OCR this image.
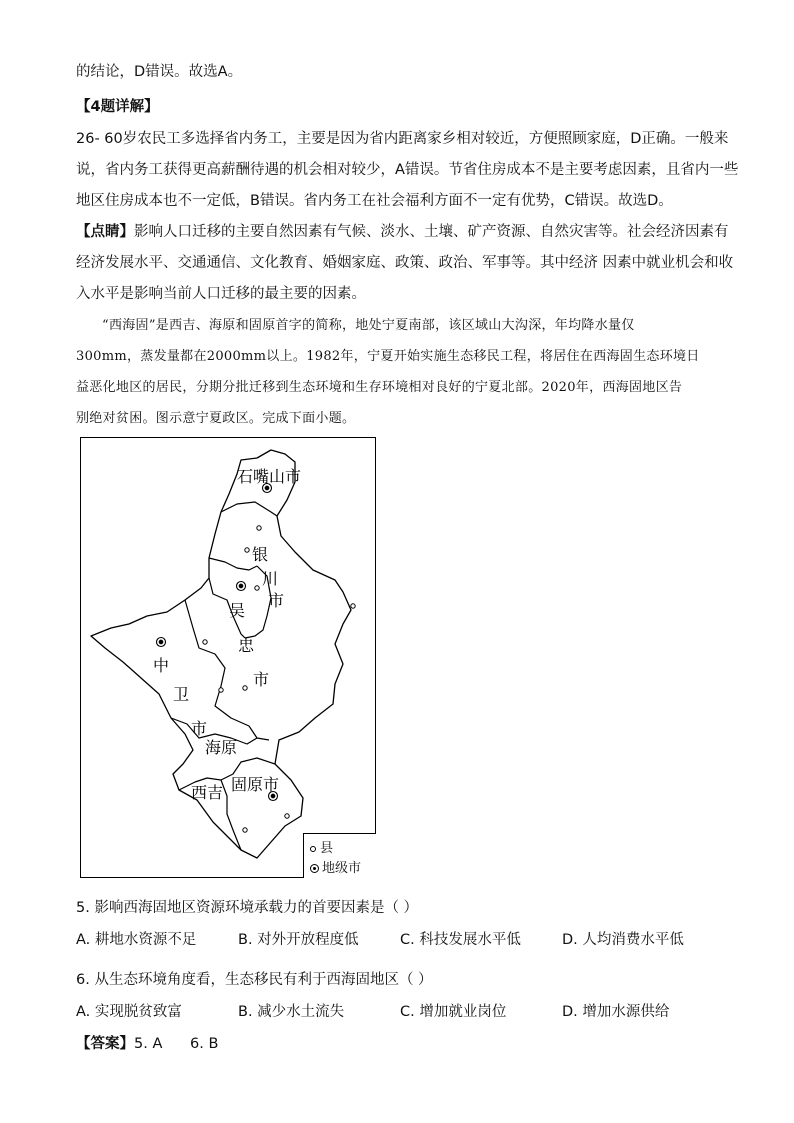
的结论，D错误。故选A。
【4题详解】
26- 60岁农民工多选择省内务工，主要是因为省内距离家乡相对较近，方便照顾家庭，D正确。一般来
说，省内务工获得更高薪酬待遇的机会相对较少，A错误。节省住房成本不是主要考虑因素，且省内一些
地区住房成本也不一定低，B错误。省内务工在社会福利方面不一定有优势，C错误。故选D。
【点睛】影响人口迁移的主要自然因素有气候、淡水、土壤、矿产资源、自然灾害等。社会经济因素有
经济发展水平、交通通信、文化教育、婚姻家庭、政策、政治、军事等。其中经济 因素中就业机会和收
入水平是影响当前人口迁移的最主要的因素。
“西海固”是西吉、海原和固原首字的简称，地处宁夏南部，该区域山大沟深，年均降水量仅
300mm，蒸发量都在2000mm以上。1982年，宁夏开始实施生态移民工程，将居住在西海固生态环境日
益恶化地区的居民，分期分批迁移到生态环境和生存环境相对良好的宁夏北部。2020年，西海固地区告
别绝对贫困。图示意宁夏政区。完成下面小题。
石嘴山市
银
川
市
吴
忠
市
中
卫
市
海原
西吉 固原市
县
地级市
5. 影响西海固地区资源环境承载力的首要因素是（ ）
A. 耕地水资源不足	B. 对外开放程度低	C. 科技发展水平低	D. 人均消费水平低
6. 从生态环境角度看，生态移民有利于西海固地区（ ）
A. 实现脱贫致富	B. 减少水土流失	C. 增加就业岗位	D. 增加水源供给
【答案】5. A      6. B
